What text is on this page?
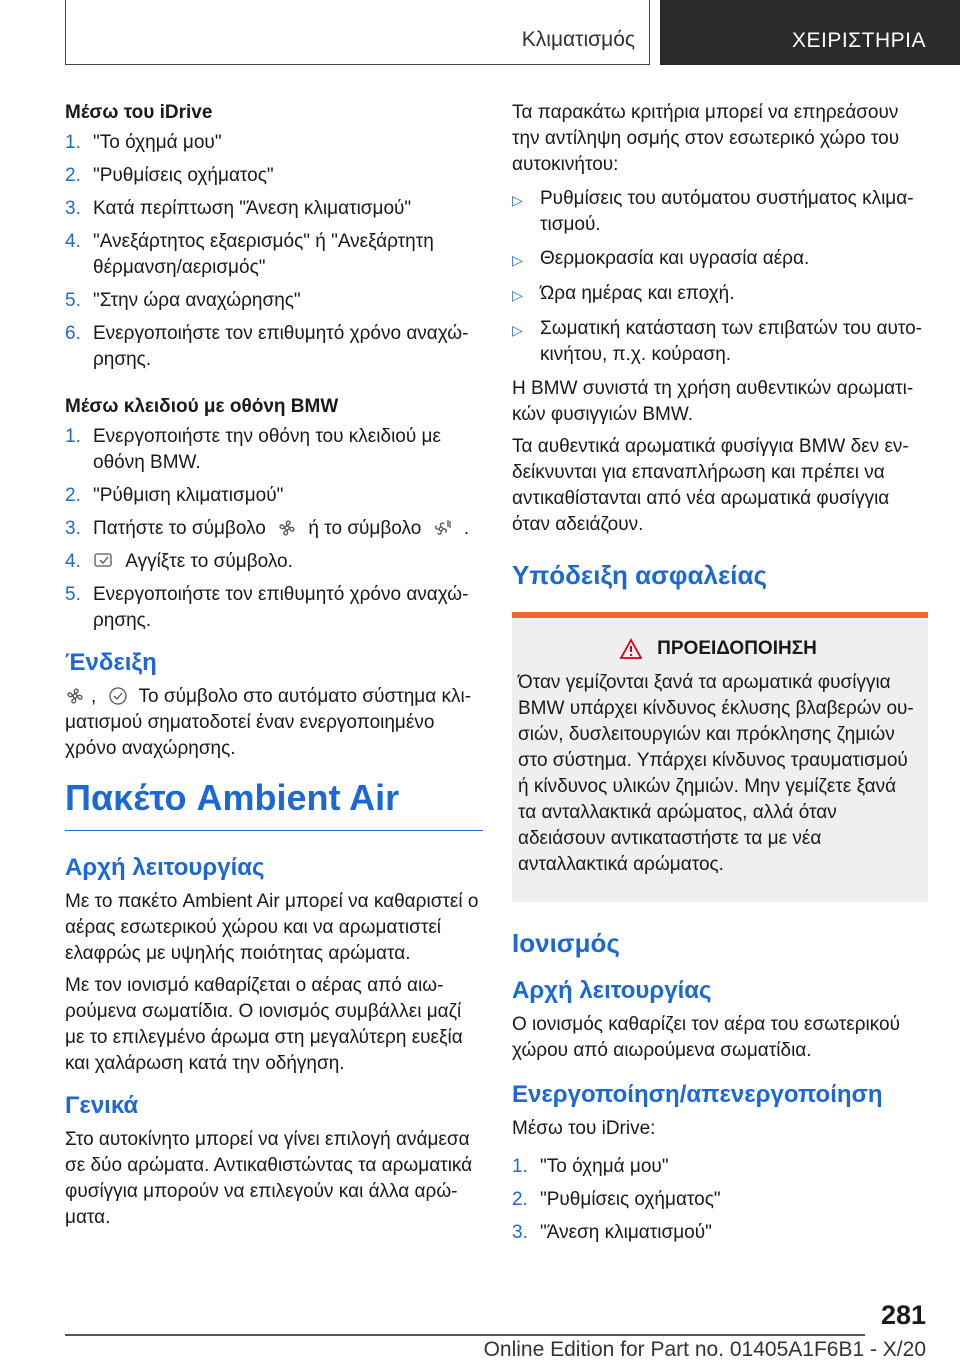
Κλιματισμός	ΧΕΙΡΙΣΤΗΡΙΑ
Μέσω του iDrive
1. "Το όχημά μου"
2. "Ρυθμίσεις οχήματος"
3. Κατά περίπτωση "Άνεση κλιματισμού"
4. "Ανεξάρτητος εξαερισμός" ή "Ανεξάρτητη θέρμανση/αερισμός"
5. "Στην ώρα αναχώρησης"
6. Ενεργοποιήστε τον επιθυμητό χρόνο αναχώρησης.
Μέσω κλειδιού με οθόνη BMW
1. Ενεργοποιήστε την οθόνη του κλειδιού με οθόνη BMW.
2. "Ρύθμιση κλιματισμού"
3. Πατήστε το σύμβολο ή το σύμβολο .
4.	Αγγίξτε το σύμβολο.
5. Ενεργοποιήστε τον επιθυμητό χρόνο αναχώρησης.
Ένδειξη

, Το σύμβολο στο αυτόματο σύστημα κλιματισμού σηματοδοτεί έναν ενεργοποιημένο χρόνο αναχώρησης.

Πακέτο Ambient Air
Αρχή λειτουργίας

Με το πακέτο Ambient Air μπορεί να καθαριστεί ο αέρας εσωτερικού χώρου και να αρωματιστεί ελαφρώς με υψηλής ποιότητας αρώματα.

Με τον ιονισμό καθαρίζεται ο αέρας από αιωρούμενα σωματίδια. Ο ιονισμός συμβάλλει μαζί με το επιλεγμένο άρωμα στη μεγαλύτερη ευεξία και χαλάρωση κατά την οδήγηση.

Γενικά

Στο αυτοκίνητο μπορεί να γίνει επιλογή ανάμεσα σε δύο αρώματα. Αντικαθιστώντας τα αρωματικά φυσίγγια μπορούν να επιλεγούν και άλλα αρώματα.

Τα παρακάτω κριτήρια μπορεί να επηρεάσουν την αντίληψη οσμής στον εσωτερικό χώρο του αυτοκινήτου:

▷ Ρυθμίσεις του αυτόματου συστήματος κλιματισμού.
▷ Θερμοκρασία και υγρασία αέρα.
▷ Ώρα ημέρας και εποχή.
▷ Σωματική κατάσταση των επιβατών του αυτοκινήτου, π.χ. κούραση.

Η BMW συνιστά τη χρήση αυθεντικών αρωματικών φυσιγγιών BMW.

Τα αυθεντικά αρωματικά φυσίγγια BMW δεν ενδείκνυνται για επαναπλήρωση και πρέπει να αντικαθίστανται από νέα αρωματικά φυσίγγια όταν αδειάζουν.

Υπόδειξη ασφαλείας
ΠΡΟΕΙΔΟΠΟΙΗΣΗ

Όταν γεμίζονται ξανά τα αρωματικά φυσίγγια BMW υπάρχει κίνδυνος έκλυσης βλαβερών ουσιών, δυσλειτουργιών και πρόκλησης ζημιών στο σύστημα. Υπάρχει κίνδυνος τραυματισμού ή κίνδυνος υλικών ζημιών. Μην γεμίζετε ξανά τα ανταλλακτικά αρώματος, αλλά όταν αδειάσουν αντικαταστήστε τα με νέα ανταλλακτικά αρώματος.

Ιονισμός
Αρχή λειτουργίας

Ο ιονισμός καθαρίζει τον αέρα του εσωτερικού χώρου από αιωρούμενα σωματίδια.

Ενεργοποίηση/απενεργοποίηση

Μέσω του iDrive:

1. "Το όχημά μου"
2. "Ρυθμίσεις οχήματος"
3. "Άνεση κλιματισμού"
281
Online Edition for Part no. 01405A1F6B1 - X/20
